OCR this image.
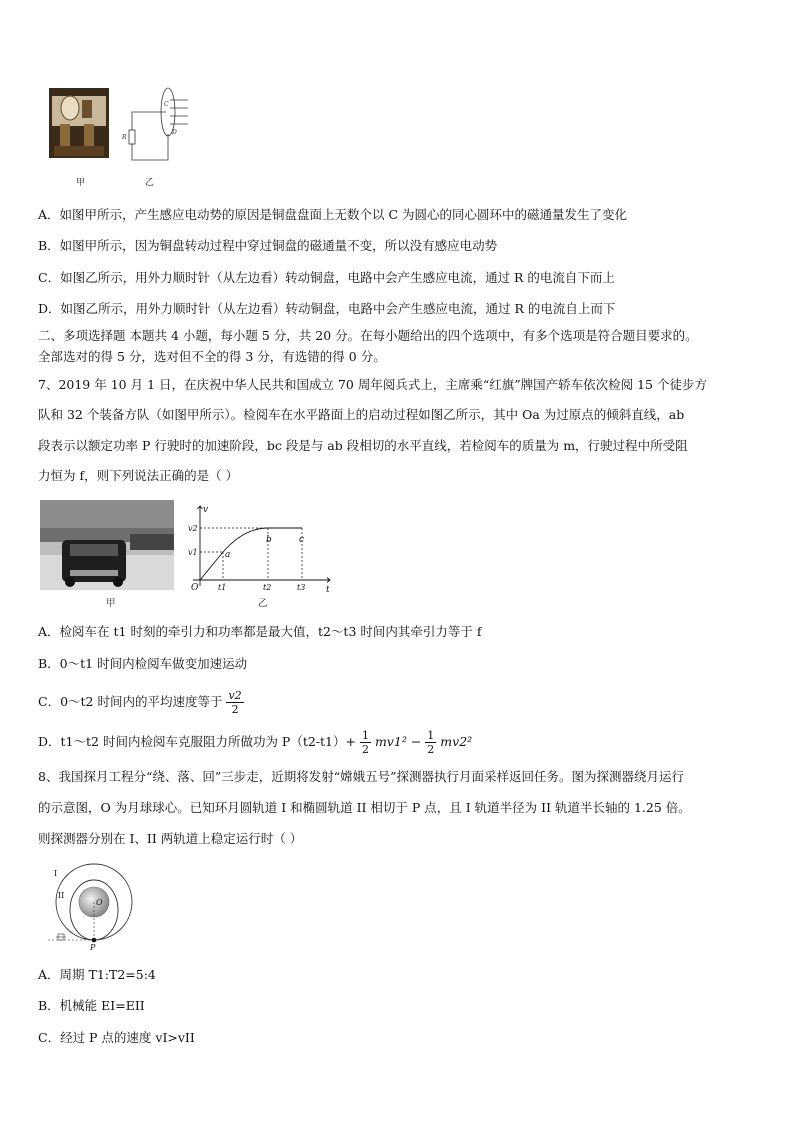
C
D
R
甲	乙
A．如图甲所示，产生感应电动势的原因是铜盘盘面上无数个以 C 为圆心的同心圆环中的磁通量发生了变化
B．如图甲所示，因为铜盘转动过程中穿过铜盘的磁通量不变，所以没有感应电动势
C．如图乙所示，用外力顺时针（从左边看）转动铜盘，电路中会产生感应电流，通过 R 的电流自下而上
D．如图乙所示，用外力顺时针（从左边看）转动铜盘，电路中会产生感应电流，通过 R 的电流自上而下
二、多项选择题 本题共 4 小题，每小题 5 分，共 20 分。在每小题给出的四个选项中，有多个选项是符合题目要求的。
全部选对的得 5 分，选对但不全的得 3 分，有选错的得 0 分。
7、2019 年 10 月 1 日，在庆祝中华人民共和国成立 70 周年阅兵式上，主席乘“红旗”牌国产轿车依次检阅 15 个徒步方
队和 32 个装备方队（如图甲所示）。检阅车在水平路面上的启动过程如图乙所示，其中 Oa 为过原点的倾斜直线，ab
段表示以额定功率 P 行驶时的加速阶段，bc 段是与 ab 段相切的水平直线，若检阅车的质量为 m，行驶过程中所受阻
力恒为 f，则下列说法正确的是（ ）
v
t
O
v1
v2
t1	t2	t3
a
b	c
甲	乙
A．检阅车在 t1 时刻的牵引力和功率都是最大值，t2～t3 时间内其牵引力等于 f
B．0～t1 时间内检阅车做变加速运动
C．0～t2 时间内的平均速度等于 $\frac{v2}{2}$
D．t1～t2 时间内检阅车克服阻力所做功为 $P(t2-t1)+ \frac{1}{2} mv1^2 - \frac{1}{2} mv2^2$
8、我国探月工程分“绕、落、回”三步走，近期将发射“嫦娥五号”探测器执行月面采样返回任务。图为探测器绕月运行
的示意图，O 为月球球心。已知环月圆轨道 I 和椭圆轨道 II 相切于 P 点，且 I 轨道半径为 II 轨道半长轴的 1.25 倍。
则探测器分别在 I、II 两轨道上稳定运行时（ ）
I
II
O
P
A．周期 T1:T2=5:4
B．机械能 EI=EII
C．经过 P 点的速度 vI>vII
